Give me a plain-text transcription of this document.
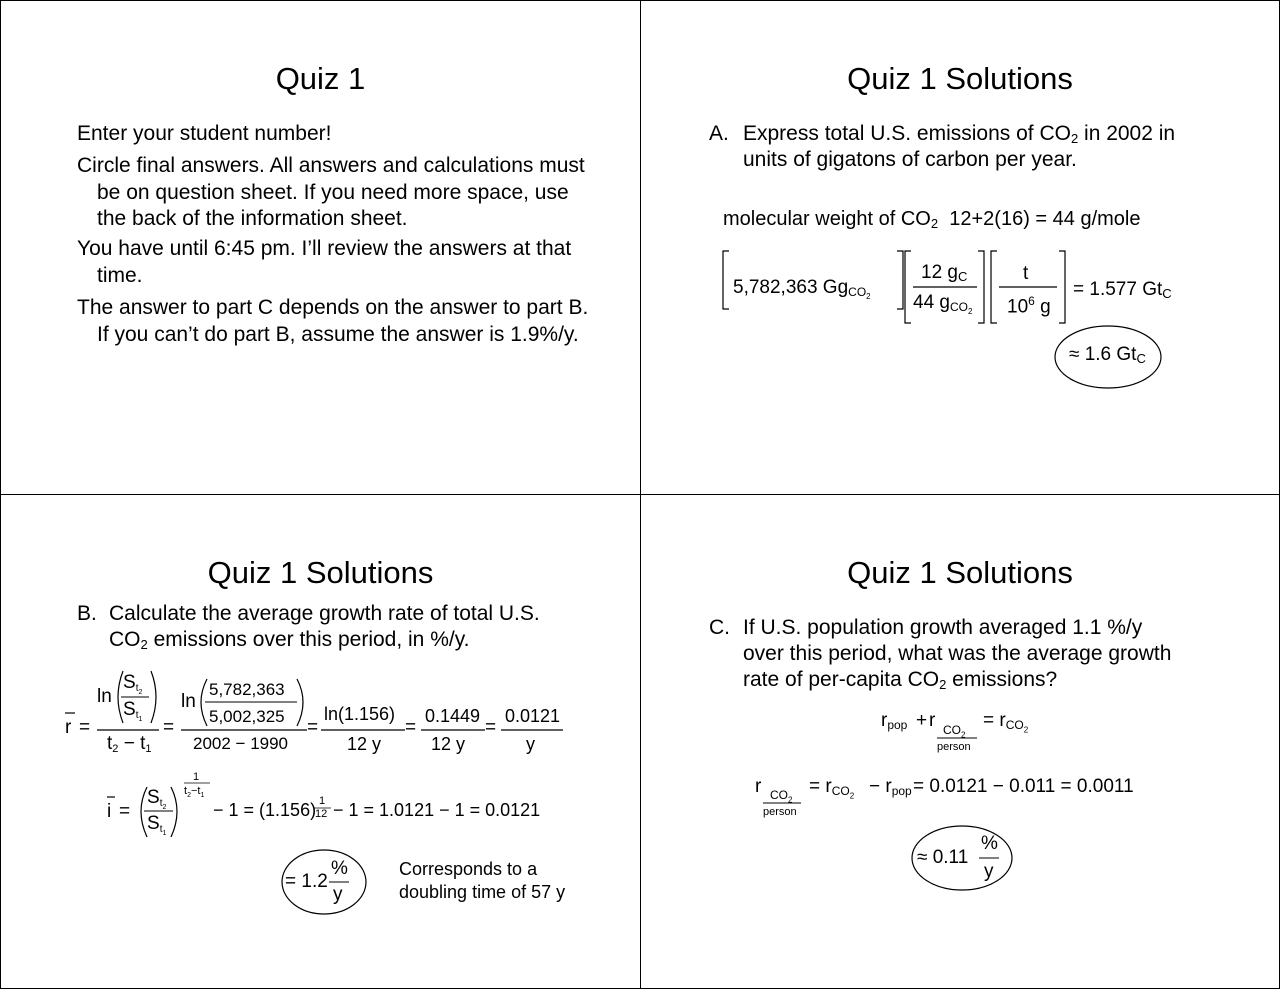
Quiz 1
Enter your student number!
Circle final answers. All answers and calculations must be on question sheet. If you need more space, use the back of the information sheet.
You have until 6:45 pm. I’ll review the answers at that time.
The answer to part C depends on the answer to part B. If you can’t do part B, assume the answer is 1.9%/y.
Quiz 1 Solutions
A. Express total U.S. emissions of $CO_2$ in 2002 in
units of gigatons of carbon per year.
molecular weight of $CO_2$ 12+2(16) = 44 g/mole
5,782,363 $Gg_{CO2}$
12 $g_C$
44 $g_{CO2}$
t
$10^6$ g
= 1.577 $Gt_C$
≈ 1.6 $Gt_C$
Quiz 1 Solutions
B. Calculate the average growth rate of total U.S.
$CO_2$ emissions over this period, in %/y.
r =
ln
$S_{t_2}$
$S_{t_1}$
$t_2 - t_1$
=
ln
5,782,363
5,002,325
2002 − 1990
=
ln(1.156)
12 y
=
0.1449
12 y
=
0.0121
y
i =
$S_{t_2}$
$S_{t_1}$
1
$t_2-t_1$
− 1 = (1.156) 1
12 − 1 = 1.0121 − 1 = 0.0121
= 1.2
%
y
Corresponds to a
doubling time of 57 y
Quiz 1 Solutions
C. If U.S. population growth averaged 1.1 %/y
over this period, what was the average growth
rate of per-capita $CO_2$ emissions?
$r_{pop} + r$ $CO_2$
person
= $r_{CO_2}$
r $CO_2$
person
= $r_{CO_2} - r_{pop} = 0.0121 - 0.011 = 0.0011$
≈ 0.11
%
y
